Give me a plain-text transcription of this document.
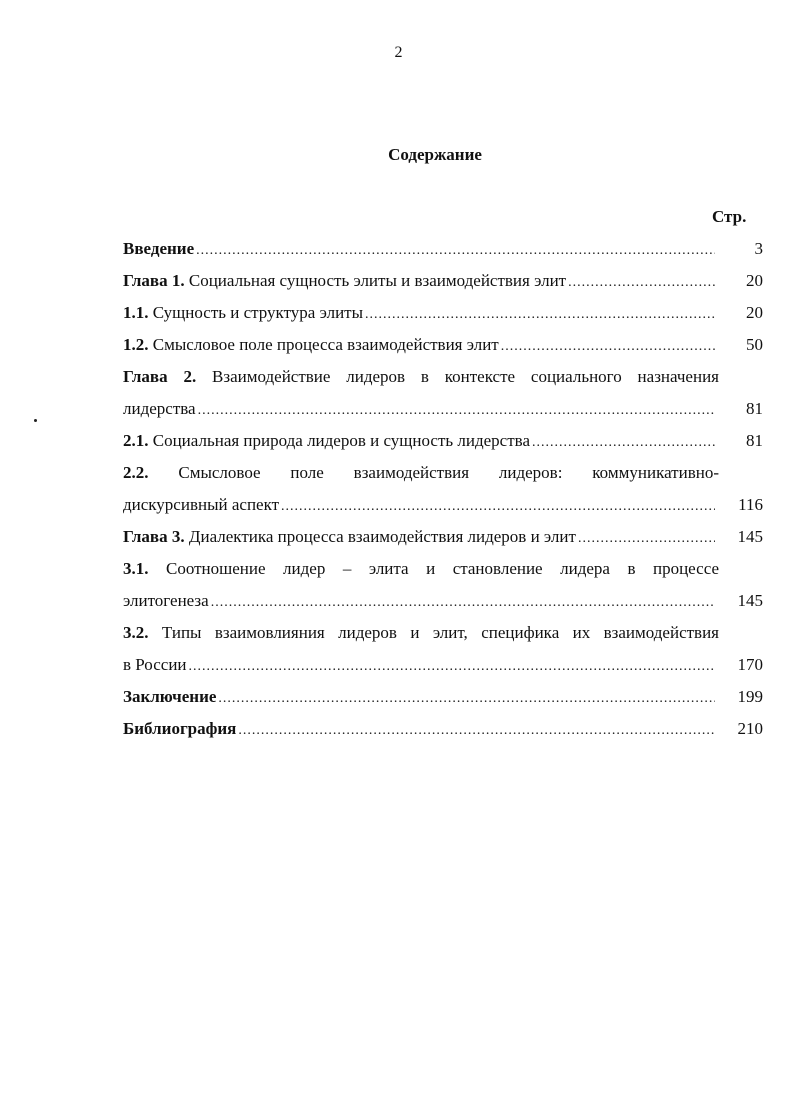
2
Содержание
Стр.
Введение .....	3
Глава 1. Социальная сущность элиты и взаимодействия элит .....	20
1.1. Сущность и структура элиты .....	20
1.2. Смысловое поле процесса взаимодействия элит .....	50
Глава 2. Взаимодействие лидеров в контексте социального назначения
лидерства .....	81
2.1. Социальная природа лидеров и сущность лидерства .....	81
2.2. Смысловое поле взаимодействия лидеров: коммуникативно-
дискурсивный аспект .....	116
Глава 3. Диалектика процесса взаимодействия лидеров и элит .....	145
3.1. Соотношение лидер – элита и становление лидера в процессе
элитогенеза .....	145
3.2. Типы взаимовлияния лидеров и элит, специфика их взаимодействия
в России .....	170
Заключение .....	199
Библиография .....	210
